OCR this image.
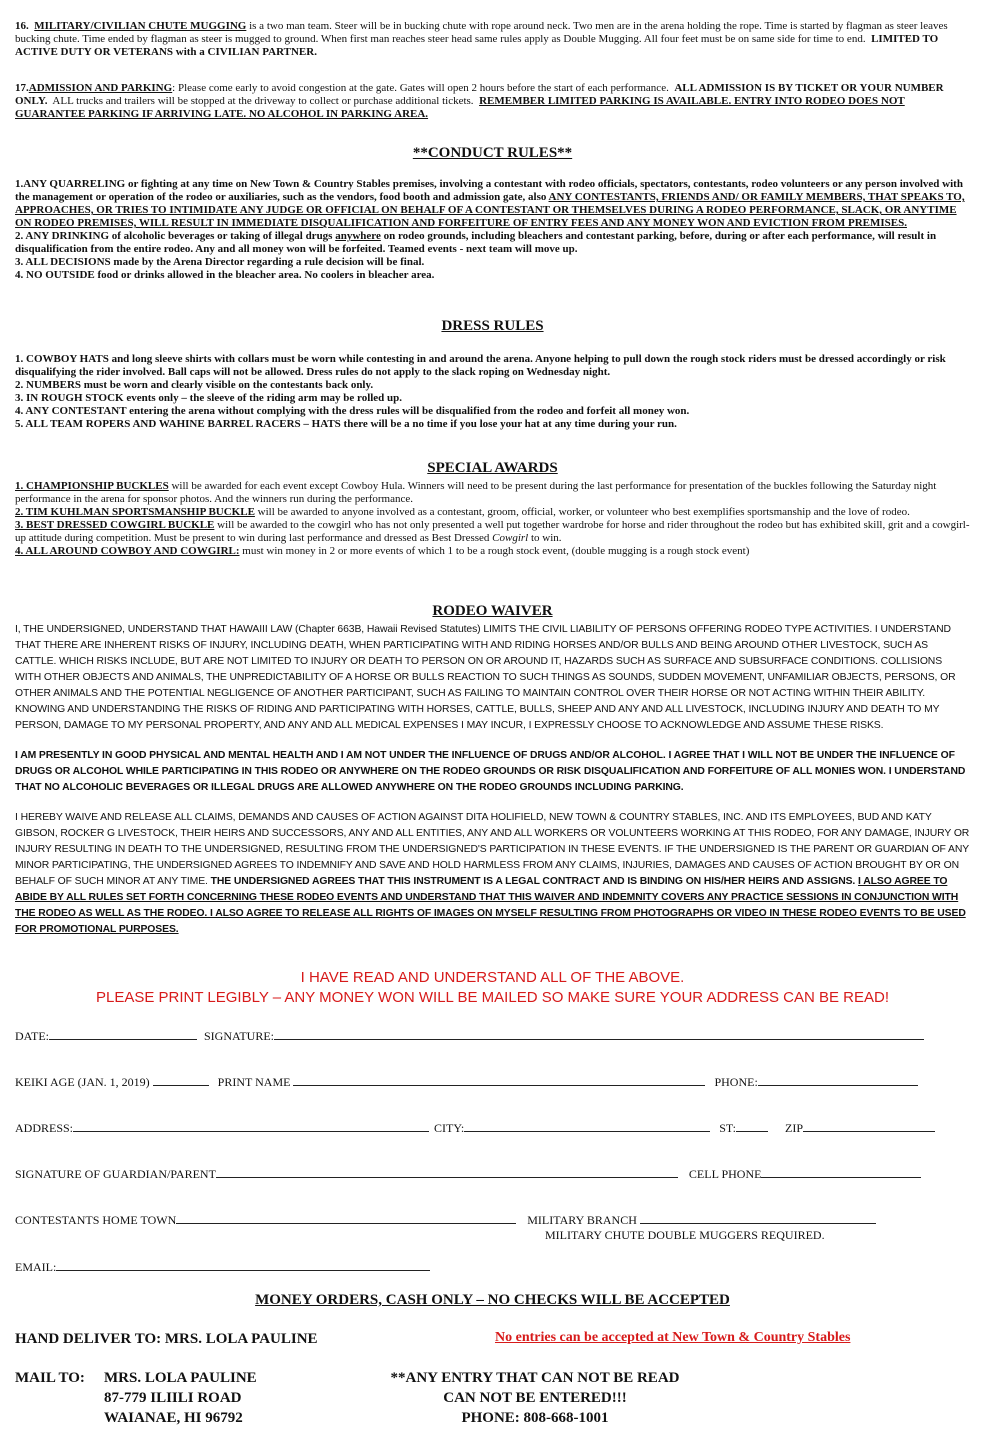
16. MILITARY/CIVILIAN CHUTE MUGGING is a two man team. Steer will be in bucking chute with rope around neck. Two men are in the arena holding the rope. Time is started by flagman as steer leaves bucking chute. Time ended by flagman as steer is mugged to ground. When first man reaches steer head same rules apply as Double Mugging. All four feet must be on same side for time to end. LIMITED TO ACTIVE DUTY OR VETERANS with a CIVILIAN PARTNER.

17.ADMISSION AND PARKING: Please come early to avoid congestion at the gate. Gates will open 2 hours before the start of each performance. ALL ADMISSION IS BY TICKET OR YOUR NUMBER ONLY. ALL trucks and trailers will be stopped at the driveway to collect or purchase additional tickets. REMEMBER LIMITED PARKING IS AVAILABLE. ENTRY INTO RODEO DOES NOT GUARANTEE PARKING IF ARRIVING LATE. NO ALCOHOL IN PARKING AREA.

**CONDUCT RULES**

1.ANY QUARRELING or fighting at any time on New Town & Country Stables premises, involving a contestant with rodeo officials, spectators, contestants, rodeo volunteers or any person involved with the management or operation of the rodeo or auxiliaries, such as the vendors, food booth and admission gate, also ANY CONTESTANTS, FRIENDS AND/ OR FAMILY MEMBERS, THAT SPEAKS TO, APPROACHES, OR TRIES TO INTIMIDATE ANY JUDGE OR OFFICIAL ON BEHALF OF A CONTESTANT OR THEMSELVES DURING A RODEO PERFORMANCE, SLACK, OR ANYTIME ON RODEO PREMISES, WILL RESULT IN IMMEDIATE DISQUALIFICATION AND FORFEITURE OF ENTRY FEES AND ANY MONEY WON AND EVICTION FROM PREMISES.

2. ANY DRINKING of alcoholic beverages or taking of illegal drugs anywhere on rodeo grounds, including bleachers and contestant parking, before, during or after each performance, will result in disqualification from the entire rodeo. Any and all money won will be forfeited. Teamed events - next team will move up.

3. ALL DECISIONS made by the Arena Director regarding a rule decision will be final.

4. NO OUTSIDE food or drinks allowed in the bleacher area. No coolers in bleacher area.

DRESS RULES

1. COWBOY HATS and long sleeve shirts with collars must be worn while contesting in and around the arena. Anyone helping to pull down the rough stock riders must be dressed accordingly or risk disqualifying the rider involved. Ball caps will not be allowed. Dress rules do not apply to the slack roping on Wednesday night.

2. NUMBERS must be worn and clearly visible on the contestants back only.

3. IN ROUGH STOCK events only – the sleeve of the riding arm may be rolled up.

4. ANY CONTESTANT entering the arena without complying with the dress rules will be disqualified from the rodeo and forfeit all money won.

5. ALL TEAM ROPERS AND WAHINE BARREL RACERS – HATS there will be a no time if you lose your hat at any time during your run.

SPECIAL AWARDS

1. CHAMPIONSHIP BUCKLES will be awarded for each event except Cowboy Hula. Winners will need to be present during the last performance for presentation of the buckles following the Saturday night performance in the arena for sponsor photos. And the winners run during the performance.

2. TIM KUHLMAN SPORTSMANSHIP BUCKLE will be awarded to anyone involved as a contestant, groom, official, worker, or volunteer who best exemplifies sportsmanship and the love of rodeo.

3. BEST DRESSED COWGIRL BUCKLE will be awarded to the cowgirl who has not only presented a well put together wardrobe for horse and rider throughout the rodeo but has exhibited skill, grit and a cowgirl-up attitude during competition. Must be present to win during last performance and dressed as Best Dressed Cowgirl to win.

4. ALL AROUND COWBOY AND COWGIRL: must win money in 2 or more events of which 1 to be a rough stock event, (double mugging is a rough stock event)

RODEO WAIVER

I, THE UNDERSIGNED, UNDERSTAND THAT HAWAIII LAW (Chapter 663B, Hawaii Revised Statutes) LIMITS THE CIVIL LIABILITY OF PERSONS OFFERING RODEO TYPE ACTIVITIES. I UNDERSTAND THAT THERE ARE INHERENT RISKS OF INJURY, INCLUDING DEATH, WHEN PARTICIPATING WITH AND RIDING HORSES AND/OR BULLS AND BEING AROUND OTHER LIVESTOCK, SUCH AS CATTLE. WHICH RISKS INCLUDE, BUT ARE NOT LIMITED TO INJURY OR DEATH TO PERSON ON OR AROUND IT, HAZARDS SUCH AS SURFACE AND SUBSURFACE CONDITIONS. COLLISIONS WITH OTHER OBJECTS AND ANIMALS, THE UNPREDICTABILITY OF A HORSE OR BULLS REACTION TO SUCH THINGS AS SOUNDS, SUDDEN MOVEMENT, UNFAMILIAR OBJECTS, PERSONS, OR OTHER ANIMALS AND THE POTENTIAL NEGLIGENCE OF ANOTHER PARTICIPANT, SUCH AS FAILING TO MAINTAIN CONTROL OVER THEIR HORSE OR NOT ACTING WITHIN THEIR ABILITY. KNOWING AND UNDERSTANDING THE RISKS OF RIDING AND PARTICIPATING WITH HORSES, CATTLE, BULLS, SHEEP AND ANY AND ALL LIVESTOCK, INCLUDING INJURY AND DEATH TO MY PERSON, DAMAGE TO MY PERSONAL PROPERTY, AND ANY AND ALL MEDICAL EXPENSES I MAY INCUR, I EXPRESSLY CHOOSE TO ACKNOWLEDGE AND ASSUME THESE RISKS.

I AM PRESENTLY IN GOOD PHYSICAL AND MENTAL HEALTH AND I AM NOT UNDER THE INFLUENCE OF DRUGS AND/OR ALCOHOL. I AGREE THAT I WILL NOT BE UNDER THE INFLUENCE OF DRUGS OR ALCOHOL WHILE PARTICIPATING IN THIS RODEO OR ANYWHERE ON THE RODEO GROUNDS OR RISK DISQUALIFICATION AND FORFEITURE OF ALL MONIES WON. I UNDERSTAND THAT NO ALCOHOLIC BEVERAGES OR ILLEGAL DRUGS ARE ALLOWED ANYWHERE ON THE RODEO GROUNDS INCLUDING PARKING.

I HEREBY WAIVE AND RELEASE ALL CLAIMS, DEMANDS AND CAUSES OF ACTION AGAINST DITA HOLIFIELD, NEW TOWN & COUNTRY STABLES, INC. AND ITS EMPLOYEES, BUD AND KATY GIBSON, ROCKER G LIVESTOCK, THEIR HEIRS AND SUCCESSORS, ANY AND ALL ENTITIES, ANY AND ALL WORKERS OR VOLUNTEERS WORKING AT THIS RODEO, FOR ANY DAMAGE, INJURY OR INJURY RESULTING IN DEATH TO THE UNDERSIGNED, RESULTING FROM THE UNDERSIGNED'S PARTICIPATION IN THESE EVENTS. IF THE UNDERSIGNED IS THE PARENT OR GUARDIAN OF ANY MINOR PARTICIPATING, THE UNDERSIGNED AGREES TO INDEMNIFY AND SAVE AND HOLD HARMLESS FROM ANY CLAIMS, INJURIES, DAMAGES AND CAUSES OF ACTION BROUGHT BY OR ON BEHALF OF SUCH MINOR AT ANY TIME. THE UNDERSIGNED AGREES THAT THIS INSTRUMENT IS A LEGAL CONTRACT AND IS BINDING ON HIS/HER HEIRS AND ASSIGNS. I ALSO AGREE TO ABIDE BY ALL RULES SET FORTH CONCERNING THESE RODEO EVENTS AND UNDERSTAND THAT THIS WAIVER AND INDEMNITY COVERS ANY PRACTICE SESSIONS IN CONJUNCTION WITH THE RODEO AS WELL AS THE RODEO. I ALSO AGREE TO RELEASE ALL RIGHTS OF IMAGES ON MYSELF RESULTING FROM PHOTOGRAPHS OR VIDEO IN THESE RODEO EVENTS TO BE USED FOR PROMOTIONAL PURPOSES.

I HAVE READ AND UNDERSTAND ALL OF THE ABOVE.

PLEASE PRINT LEGIBLY – ANY MONEY WON WILL BE MAILED SO MAKE SURE YOUR ADDRESS CAN BE READ!

DATE:	SIGNATURE:
KEIKI AGE (JAN. 1, 2019)	PRINT NAME	PHONE:
ADDRESS:	CITY:	ST:	ZIP
SIGNATURE OF GUARDIAN/PARENT	CELL PHONE
CONTESTANTS HOME TOWN	MILITARY BRANCH
MILITARY CHUTE DOUBLE MUGGERS REQUIRED.
EMAIL:
MONEY ORDERS, CASH ONLY – NO CHECKS WILL BE ACCEPTED
HAND DELIVER TO: MRS. LOLA PAULINE	No entries can be accepted at New Town & Country Stables
MAIL TO: MRS. LOLA PAULINE

87-779 ILIILI ROAD

WAIANAE, HI 96792

**ANY ENTRY THAT CAN NOT BE READ

CAN NOT BE ENTERED!!!

PHONE: 808-668-1001
